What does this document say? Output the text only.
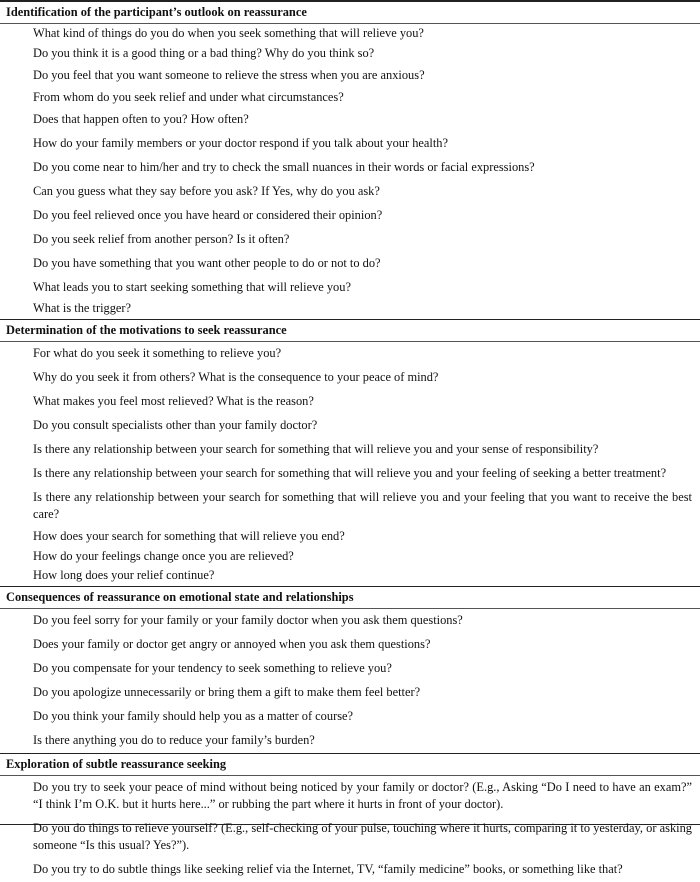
Identification of the participant’s outlook on reassurance
What kind of things do you do when you seek something that will relieve you?
Do you think it is a good thing or a bad thing? Why do you think so?
Do you feel that you want someone to relieve the stress when you are anxious?
From whom do you seek relief and under what circumstances?
Does that happen often to you? How often?
How do your family members or your doctor respond if you talk about your health?
Do you come near to him/her and try to check the small nuances in their words or facial expressions?
Can you guess what they say before you ask? If Yes, why do you ask?
Do you feel relieved once you have heard or considered their opinion?
Do you seek relief from another person? Is it often?
Do you have something that you want other people to do or not to do?
What leads you to start seeking something that will relieve you?
What is the trigger?
Determination of the motivations to seek reassurance
For what do you seek it something to relieve you?
Why do you seek it from others? What is the consequence to your peace of mind?
What makes you feel most relieved? What is the reason?
Do you consult specialists other than your family doctor?
Is there any relationship between your search for something that will relieve you and your sense of responsibility?
Is there any relationship between your search for something that will relieve you and your feeling of seeking a better treatment?
Is there any relationship between your search for something that will relieve you and your feeling that you want to receive the best care?
How does your search for something that will relieve you end?
How do your feelings change once you are relieved?
How long does your relief continue?
Consequences of reassurance on emotional state and relationships
Do you feel sorry for your family or your family doctor when you ask them questions?
Does your family or doctor get angry or annoyed when you ask them questions?
Do you compensate for your tendency to seek something to relieve you?
Do you apologize unnecessarily or bring them a gift to make them feel better?
Do you think your family should help you as a matter of course?
Is there anything you do to reduce your family’s burden?
Exploration of subtle reassurance seeking
Do you try to seek your peace of mind without being noticed by your family or doctor? (E.g., Asking “Do I need to have an exam?” “I think I’m O.K. but it hurts here...” or rubbing the part where it hurts in front of your doctor).
Do you do things to relieve yourself? (E.g., self-checking of your pulse, touching where it hurts, comparing it to yesterday, or asking someone “Is this usual? Yes?”).
Do you try to do subtle things like seeking relief via the Internet, TV, “family medicine” books, or something like that?
